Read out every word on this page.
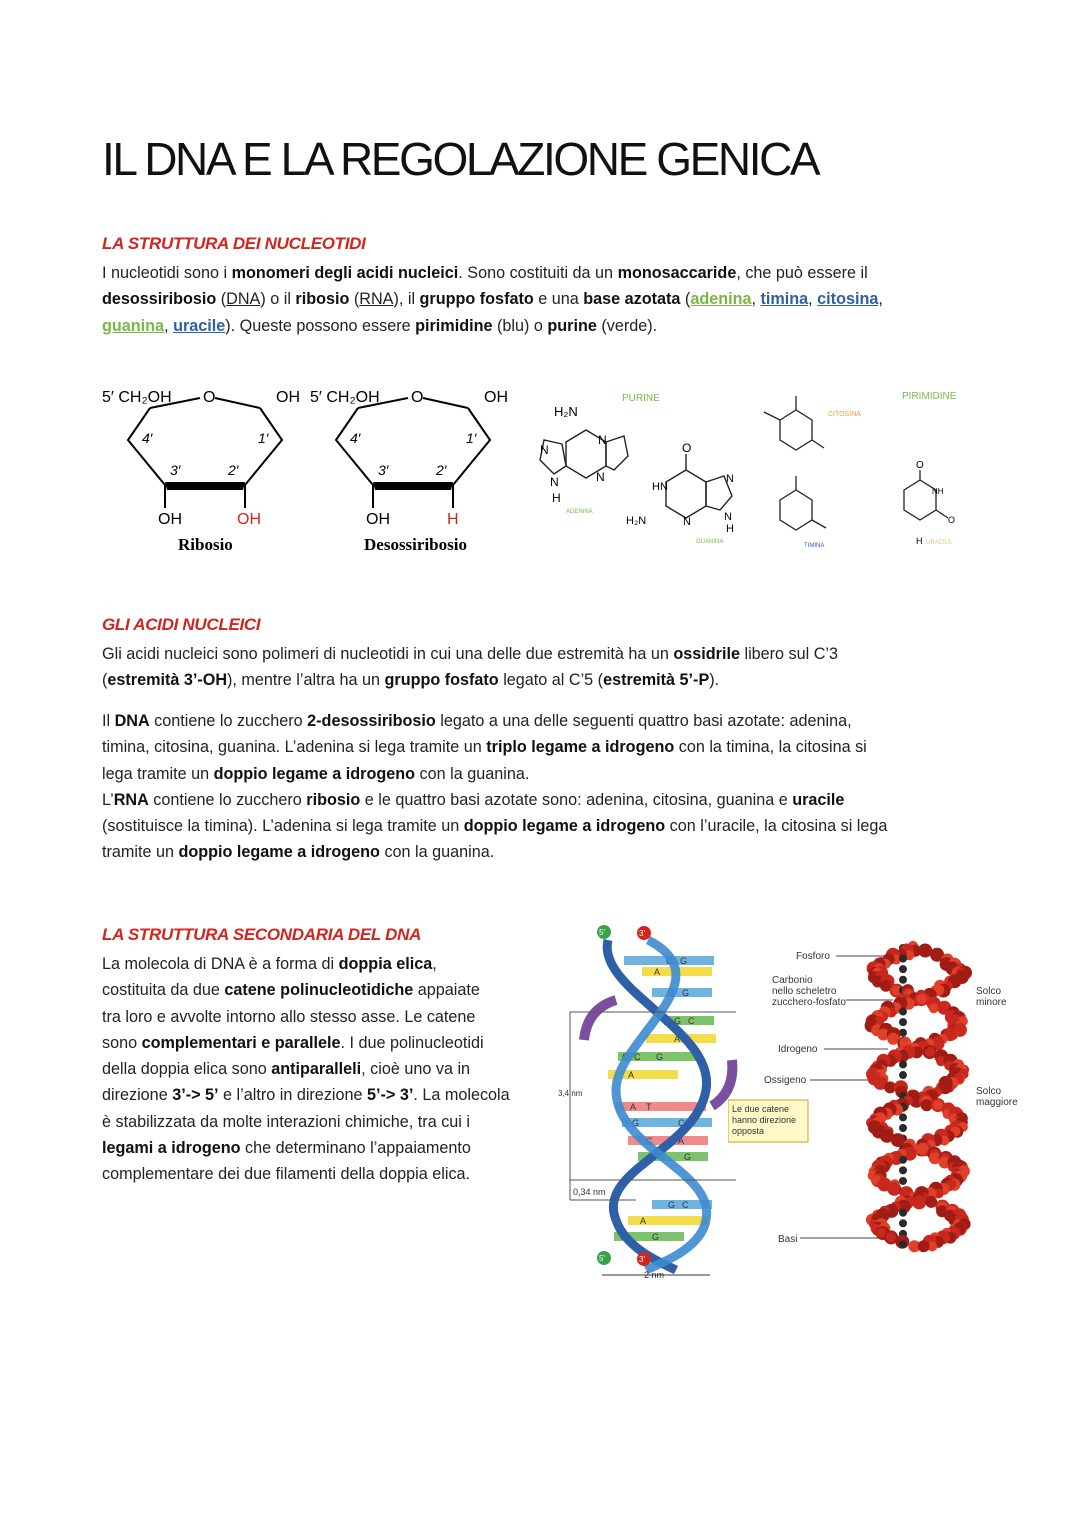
IL DNA E LA REGOLAZIONE GENICA
LA STRUTTURA DEI NUCLEOTIDI

I nucleotidi sono i monomeri degli acidi nucleici. Sono costituiti da un monosaccaride, che può essere il
desossiribosio (DNA) o il ribosio (RNA), il gruppo fosfato e una base azotata (adenina, timina, citosina,
guanina, uracile). Queste possono essere pirimidine (blu) o purine (verde).

5′ CH₂OH O	OH
4′	1′
3′	2′
OH	OH
Ribosio
5′ CH₂OH O	OH
4′	1′
3′	2′
OH	H
Desossiribosio
PURINE	PIRIMIDINE
H₂N
N
N
N
N
H
ADENINA
O
HN
H₂N	N
N
N
H
GUANINA
CITOSINA
TIMINA
O
NH
O
H URACILE
GLI ACIDI NUCLEICI

Gli acidi nucleici sono polimeri di nucleotidi in cui una delle due estremità ha un ossidrile libero sul C’3
(estremità 3’-OH), mentre l’altra ha un gruppo fosfato legato al C’5 (estremità 5’-P).

Il DNA contiene lo zucchero 2-desossiribosio legato a una delle seguenti quattro basi azotate: adenina,
timina, citosina, guanina. L’adenina si lega tramite un triplo legame a idrogeno con la timina, la citosina si
lega tramite un doppio legame a idrogeno con la guanina.
L’RNA contiene lo zucchero ribosio e le quattro basi azotate sono: adenina, citosina, guanina e uracile
(sostituisce la timina). L’adenina si lega tramite un doppio legame a idrogeno con l’uracile, la citosina si lega
tramite un doppio legame a idrogeno con la guanina.

LA STRUTTURA SECONDARIA DEL DNA

La molecola di DNA è a forma di doppia elica,
costituita da due catene polinucleotidiche appaiate
tra loro e avvolte intorno allo stesso asse. Le catene
sono complementari e parallele. I due polinucleotidi
della doppia elica sono antiparalleli, cioè uno va in
direzione 3’-> 5’ e l’altro in direzione 5’-> 3’. La molecola
è stabilizzata da molte interazioni chimiche, tra cui i
legami a idrogeno che determinano l’appaiamento
complementare dei due filamenti della doppia elica.

5'	3'
C G
A
C G
G C
A
C C G
A
A T
G	C
C	A
C	G
G C
A
C	G
3,4 nm
0,34 nm
5'	3'
2 nm
Fosforo
Carbonio
nello scheletro
zucchero-fosfato
Idrogeno
Ossigeno
Basi
Solco
minore
Solco
maggiore
Le due catene
hanno direzione
opposta
